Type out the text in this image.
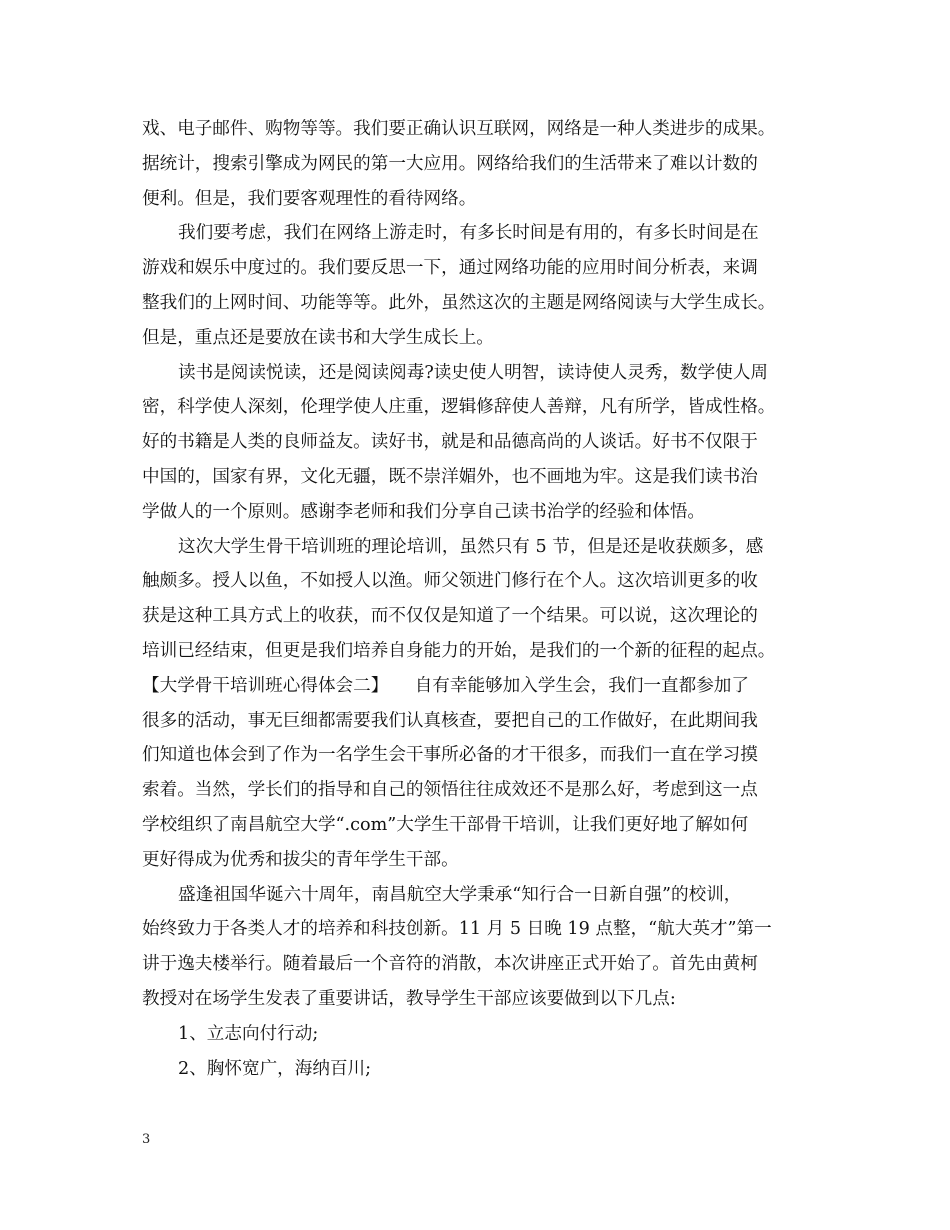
戏、电子邮件、购物等等。我们要正确认识互联网，网络是一种人类进步的成果。
据统计，搜索引擎成为网民的第一大应用。网络给我们的生活带来了难以计数的
便利。但是，我们要客观理性的看待网络。
我们要考虑，我们在网络上游走时，有多长时间是有用的，有多长时间是在
游戏和娱乐中度过的。我们要反思一下，通过网络功能的应用时间分析表，来调
整我们的上网时间、功能等等。此外，虽然这次的主题是网络阅读与大学生成长。
但是，重点还是要放在读书和大学生成长上。
读书是阅读悦读，还是阅读阅毒?读史使人明智，读诗使人灵秀，数学使人周
密，科学使人深刻，伦理学使人庄重，逻辑修辞使人善辩，凡有所学，皆成性格。
好的书籍是人类的良师益友。读好书，就是和品德高尚的人谈话。好书不仅限于
中国的，国家有界，文化无疆，既不崇洋媚外，也不画地为牢。这是我们读书治
学做人的一个原则。感谢李老师和我们分享自己读书治学的经验和体悟。
这次大学生骨干培训班的理论培训，虽然只有 5 节，但是还是收获颇多，感
触颇多。授人以鱼，不如授人以渔。师父领进门修行在个人。这次培训更多的收
获是这种工具方式上的收获，而不仅仅是知道了一个结果。可以说，这次理论的
培训已经结束，但更是我们培养自身能力的开始，是我们的一个新的征程的起点。
【大学骨干培训班心得体会二】　　自有幸能够加入学生会，我们一直都参加了
很多的活动，事无巨细都需要我们认真核查，要把自己的工作做好，在此期间我
们知道也体会到了作为一名学生会干事所必备的才干很多，而我们一直在学习摸
索着。当然，学长们的指导和自己的领悟往往成效还不是那么好，考虑到这一点
学校组织了南昌航空大学“.com”大学生干部骨干培训，让我们更好地了解如何
更好得成为优秀和拔尖的青年学生干部。
盛逢祖国华诞六十周年，南昌航空大学秉承“知行合一日新自强”的校训，
始终致力于各类人才的培养和科技创新。11 月 5 日晚 19 点整，“航大英才”第一
讲于逸夫楼举行。随着最后一个音符的消散，本次讲座正式开始了。首先由黄柯
教授对在场学生发表了重要讲话，教导学生干部应该要做到以下几点:
1、立志向付行动;
2、胸怀宽广，海纳百川;
3
